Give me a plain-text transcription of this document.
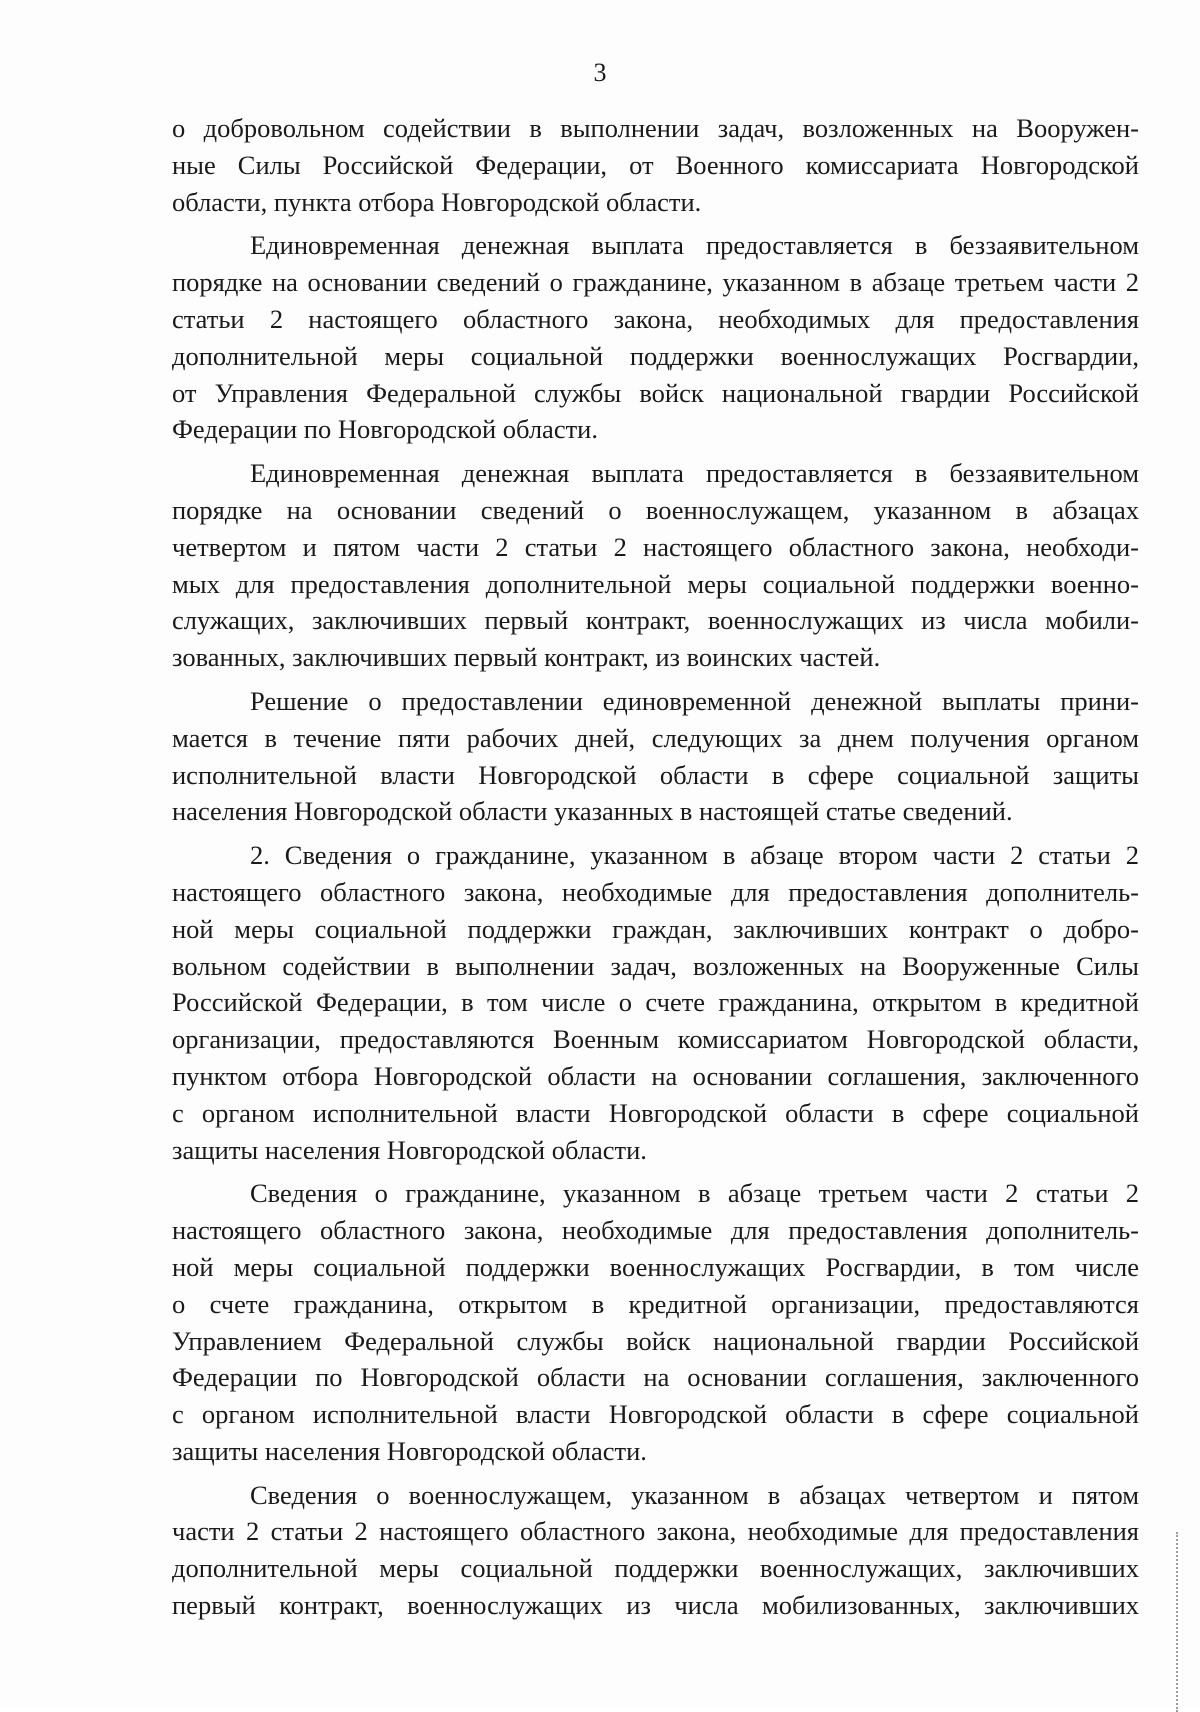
3
о добровольном содействии в выполнении задач, возложенных на Вооружен-
ные Силы Российской Федерации, от Военного комиссариата Новгородской
области, пункта отбора Новгородской области.
Единовременная денежная выплата предоставляется в беззаявительном
порядке на основании сведений о гражданине, указанном в абзаце третьем части 2
статьи 2 настоящего областного закона, необходимых для предоставления
дополнительной меры социальной поддержки военнослужащих Росгвардии,
от Управления Федеральной службы войск национальной гвардии Российской
Федерации по Новгородской области.
Единовременная денежная выплата предоставляется в беззаявительном
порядке на основании сведений о военнослужащем, указанном в абзацах
четвертом и пятом части 2 статьи 2 настоящего областного закона, необходи-
мых для предоставления дополнительной меры социальной поддержки военно-
служащих, заключивших первый контракт, военнослужащих из числа мобили-
зованных, заключивших первый контракт, из воинских частей.
Решение о предоставлении единовременной денежной выплаты прини-
мается в течение пяти рабочих дней, следующих за днем получения органом
исполнительной власти Новгородской области в сфере социальной защиты
населения Новгородской области указанных в настоящей статье сведений.
2. Сведения о гражданине, указанном в абзаце втором части 2 статьи 2
настоящего областного закона, необходимые для предоставления дополнитель-
ной меры социальной поддержки граждан, заключивших контракт о добро-
вольном содействии в выполнении задач, возложенных на Вооруженные Силы
Российской Федерации, в том числе о счете гражданина, открытом в кредитной
организации, предоставляются Военным комиссариатом Новгородской области,
пунктом отбора Новгородской области на основании соглашения, заключенного
с органом исполнительной власти Новгородской области в сфере социальной
защиты населения Новгородской области.
Сведения о гражданине, указанном в абзаце третьем части 2 статьи 2
настоящего областного закона, необходимые для предоставления дополнитель-
ной меры социальной поддержки военнослужащих Росгвардии, в том числе
о счете гражданина, открытом в кредитной организации, предоставляются
Управлением Федеральной службы войск национальной гвардии Российской
Федерации по Новгородской области на основании соглашения, заключенного
с органом исполнительной власти Новгородской области в сфере социальной
защиты населения Новгородской области.
Сведения о военнослужащем, указанном в абзацах четвертом и пятом
части 2 статьи 2 настоящего областного закона, необходимые для предоставления
дополнительной меры социальной поддержки военнослужащих, заключивших
первый контракт, военнослужащих из числа мобилизованных, заключивших
